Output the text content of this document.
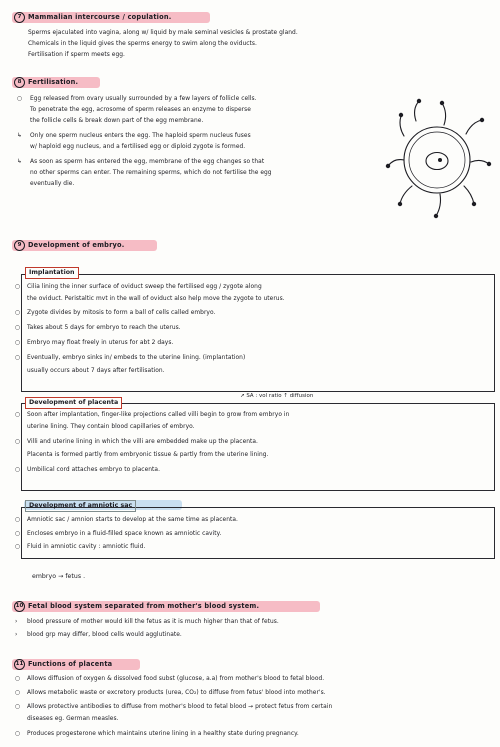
7 Mammalian intercourse / copulation.
Sperms ejaculated into vagina, along w/ liquid by male seminal vesicles & prostate gland.
Chemicals in the liquid gives the sperms energy to swim along the oviducts.
Fertilisation if sperm meets egg.
8 Fertilisation.
○ Egg released from ovary usually surrounded by a few layers of follicle cells.
To penetrate the egg, acrosome of sperm releases an enzyme to disperse
the follicle cells & break down part of the egg membrane.
↳ Only one sperm nucleus enters the egg. The haploid sperm nucleus fuses
w/ haploid egg nucleus, and a fertilised egg or diploid zygote is formed.
↳ As soon as sperm has entered the egg, membrane of the egg changes so that
no other sperms can enter. The remaining sperms, which do not fertilise the egg
eventually die.
9 Development of embryo.
Implantation
○ Cilia lining the inner surface of oviduct sweep the fertilised egg / zygote along
the oviduct. Peristaltic mvt in the wall of oviduct also help move the zygote to uterus.
○ Zygote divides by mitosis to form a ball of cells called embryo.
○ Takes about 5 days for embryo to reach the uterus.
○ Embryo may float freely in uterus for abt 2 days.
○ Eventually, embryo sinks in/ embeds to the uterine lining. (implantation)
usually occurs about 7 days after fertilisation.
Development of placenta
↗ SA : vol ratio ↑ diffusion
○ Soon after implantation, finger-like projections called villi begin to grow from embryo in
uterine lining. They contain blood capillaries of embryo.
○ Villi and uterine lining in which the villi are embedded make up the placenta.
Placenta is formed partly from embryonic tissue & partly from the uterine lining.
○ Umbilical cord attaches embryo to placenta.
Development of amniotic sac
○ Amniotic sac / amnion starts to develop at the same time as placenta.
○ Encloses embryo in a fluid-filled space known as amniotic cavity.
○ Fluid in amniotic cavity : amniotic fluid.
embryo → fetus .
10 Fetal blood system separated from mother's blood system.
› blood pressure of mother would kill the fetus as it is much higher than that of fetus.
› blood grp may differ, blood cells would agglutinate.
11 Functions of placenta
○ Allows diffusion of oxygen & dissolved food subst (glucose, a.a) from mother's blood to fetal blood.
○ Allows metabolic waste or excretory products (urea, CO₂) to diffuse from fetus' blood into mother's.
○ Allows protective antibodies to diffuse from mother's blood to fetal blood → protect fetus from certain
diseases eg. German measles.
○ Produces progesterone which maintains uterine lining in a healthy state during pregnancy.
